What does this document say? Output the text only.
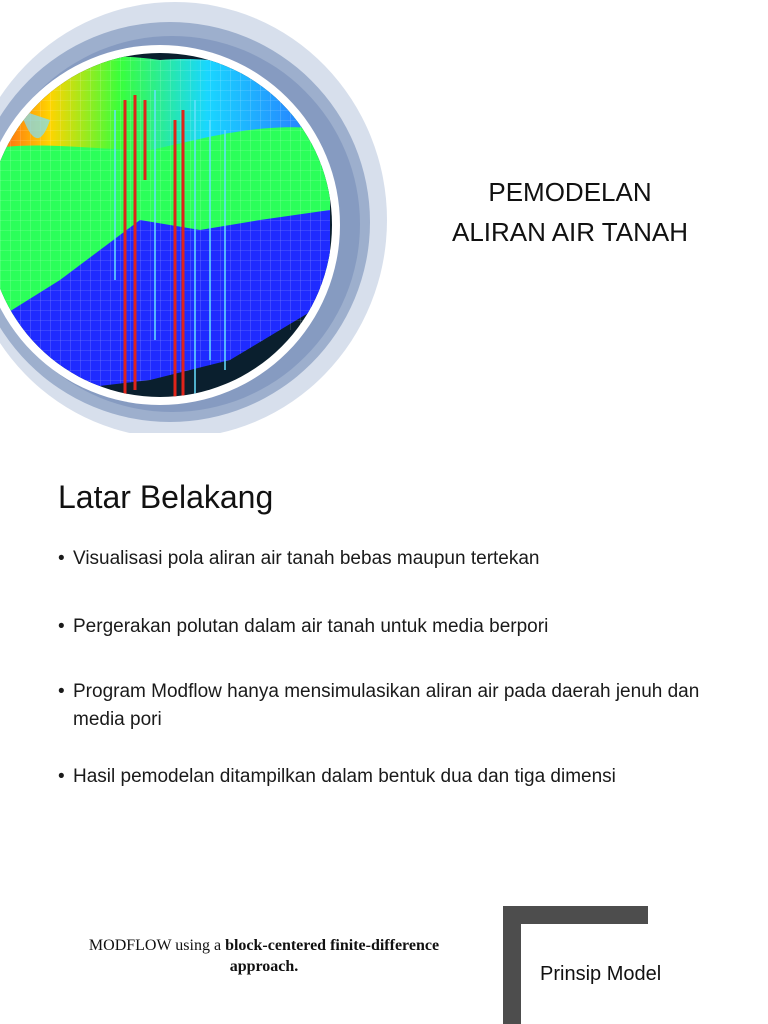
PEMODELAN
ALIRAN AIR TANAH
Latar Belakang
• Visualisasi pola aliran air tanah bebas maupun tertekan
• Pergerakan polutan dalam air tanah untuk media berpori
• Program Modflow hanya mensimulasikan aliran air pada daerah jenuh dan media pori
• Hasil pemodelan ditampilkan dalam bentuk dua dan tiga dimensi
MODFLOW using a block-centered finite-difference approach.	Prinsip Model
